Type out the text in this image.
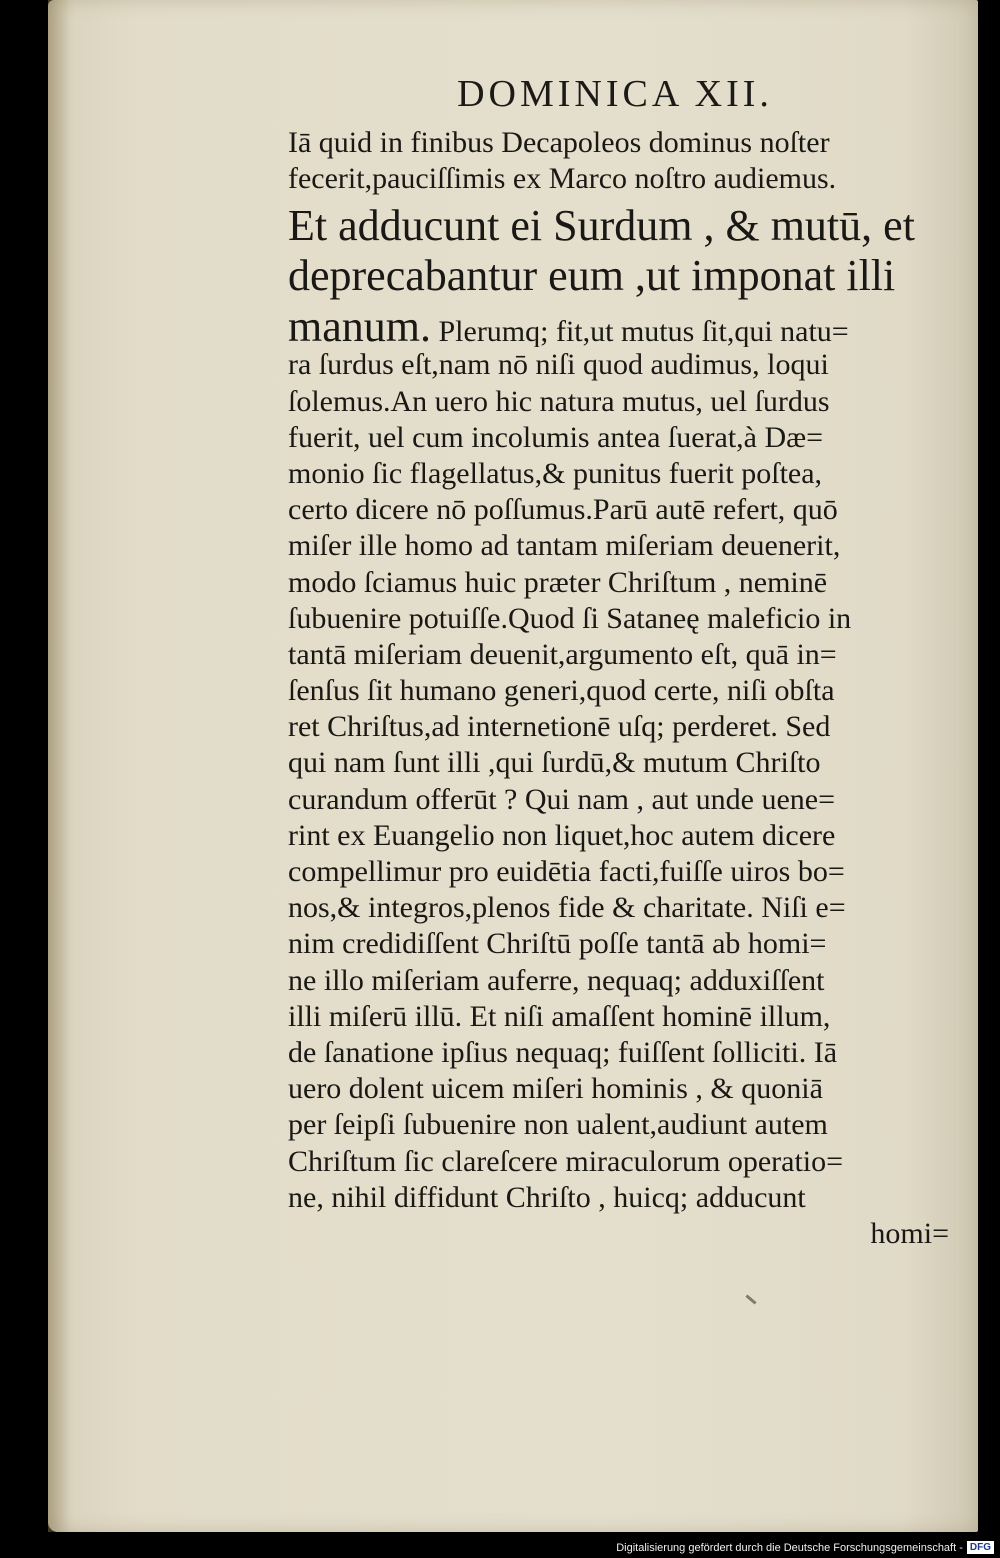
DOMINICA XII.
Iā quid in finibus Decapoleos dominus noſter
fecerit,pauciſſimis ex Marco noſtro audiemus.
Et adducunt ei Surdum , & mutū, et
deprecabantur eum ,ut imponat illi
manum. Plerumq; fit,ut mutus ſit,qui natu=
ra ſurdus eſt,nam nō niſi quod audimus, loqui
ſolemus.An uero hic natura mutus, uel ſurdus
fuerit, uel cum incolumis antea ſuerat,à Dæ=
monio ſic flagellatus,& punitus fuerit poſtea,
certo dicere nō poſſumus.Parū autē refert, quō
miſer ille homo ad tantam miſeriam deuenerit,
modo ſciamus huic præter Chriſtum , neminē
ſubuenire potuiſſe.Quod ſi Sataneę maleficio in
tantā miſeriam deuenit,argumento eſt, quā in=
ſenſus ſit humano generi,quod certe, niſi obſta
ret Chriſtus,ad internetionē uſq; perderet. Sed
qui nam ſunt illi ,qui ſurdū,& mutum Chriſto
curandum offerūt ? Qui nam , aut unde uene=
rint ex Euangelio non liquet,hoc autem dicere
compellimur pro euidētia facti,fuiſſe uiros bo=
nos,& integros,plenos fide & charitate. Niſi e=
nim credidiſſent Chriſtū poſſe tantā ab homi=
ne illo miſeriam auferre, nequaq; adduxiſſent
illi miſerū illū. Et niſi amaſſent hominē illum,
de ſanatione ipſius nequaq; fuiſſent ſolliciti. Iā
uero dolent uicem miſeri hominis , & quoniā
per ſeipſi ſubuenire non ualent,audiunt autem
Chriſtum ſic clareſcere miraculorum operatio=
ne, nihil diffidunt Chriſto , huicq; adducunt
homi=
Digitalisierung gefördert durch die Deutsche Forschungsgemeinschaft - DFG
